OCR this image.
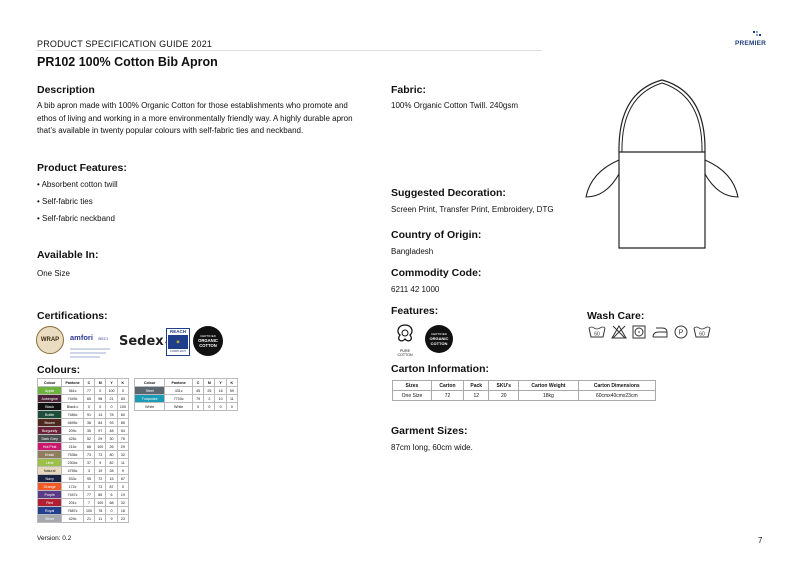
PRODUCT SPECIFICATION GUIDE 2021	PREMIER
PR102 100% Cotton Bib Apron
Description
A bib apron made with 100% Organic Cotton for those establishments who promote and ethos of living and working in a more environmentally friendly way. A highly durable apron that’s available in twenty popular colours with self-fabric ties and neckband.
Product Features:
• Absorbent cotton twill
• Self-fabric ties
• Self-fabric neckband
Available In:
One Size
Certifications:
WRAP amfori BSCI Sedex
REACH
✶
COMPLIANT
CERTIFIED
ORGANIC
COTTON
Colours:
Colour	Pantone	C	M	Y	K
Apple	361c	77	0	100	0
Aubergine	7449c	65	98	21	83
Black	Black c	0	0	0	100
Bottle	7484c	91	14	78	60
Brown	4695c	36	84	93	85
Burgundy	209c	35	97	48	54
Dark Grey	425c	52	29	30	76
Hot Pink	215c	66	100	26	29
Khaki	7536c	73	73	80	32
Lime	2304c	37	9	82	11
Natural	4755c	3	19	28	9
Navy	533c	95	72	15	67
Orange	172c	0	73	87	0
Purple	7447c	77	85	6	19
Red	201c	7	100	68	32
Royal	7687c	100	78	0	18
Silver	429c	21	11	9	23
Colour	Pantone	C	M	Y	K
Steel	431c	45	25	16	59
Turquoise	7703c	79	2	10	11
White	White	0	0	0	0
Fabric:
100% Organic Cotton Twill. 240gsm
Suggested Decoration:
Screen Print, Transfer Print, Embroidery, DTG
Country of Origin:
Bangladesh
Commodity Code:
6211 42 1000
Features:
PURE
COTTON
CERTIFIED
ORGANIC
COTTON
Wash Care:
60	P	60
Carton Information:
Sizes	Carton	Pack	SKU's	Carton Weight	Carton Dimensions
One Size	72	12	20	18kg	60cmx40cmx23cm
Garment Sizes:
87cm long, 60cm wide.
Version: 0.2	7
